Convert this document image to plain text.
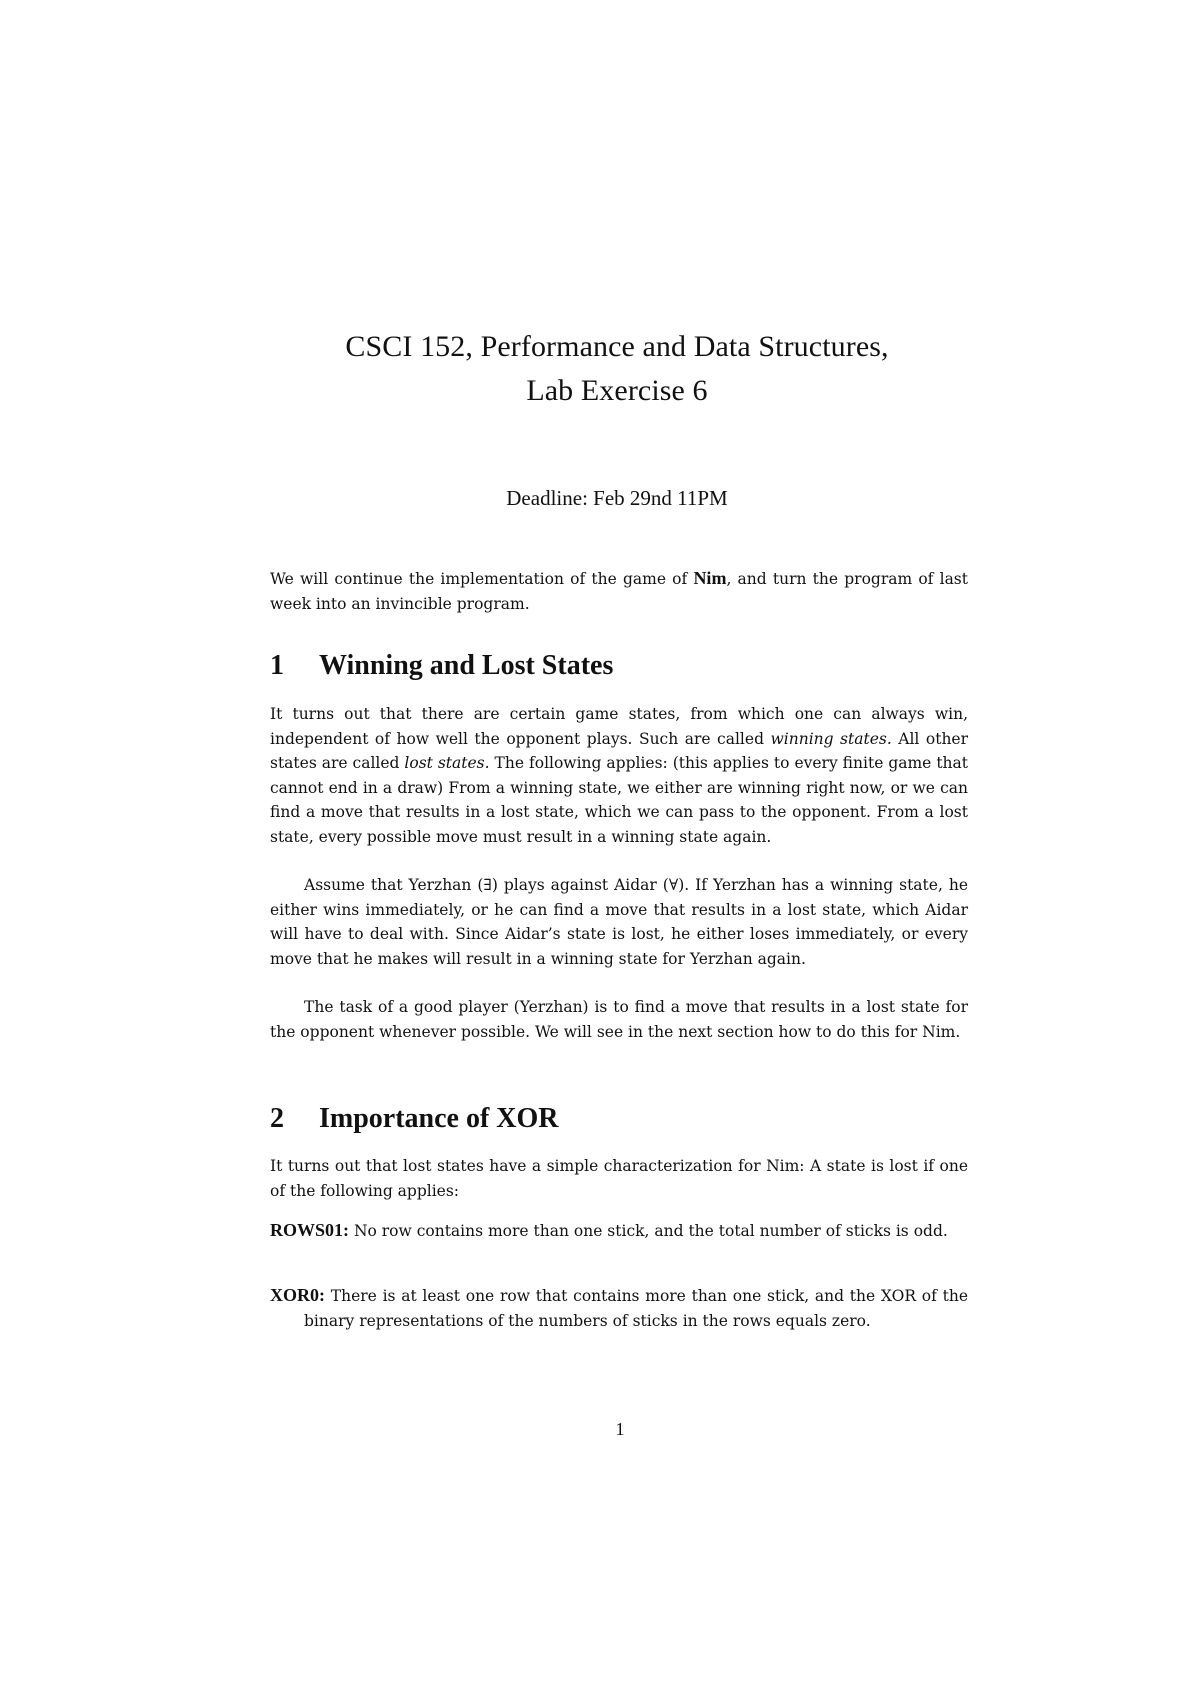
CSCI 152, Performance and Data Structures,
Lab Exercise 6
Deadline: Feb 29nd 11PM

We will continue the implementation of the game of Nim, and turn the program of last week into an invincible program.

1 Winning and Lost States

It turns out that there are certain game states, from which one can always win, independent of how well the opponent plays. Such are called winning states. All other states are called lost states. The following applies: (this applies to every finite game that cannot end in a draw) From a winning state, we either are winning right now, or we can find a move that results in a lost state, which we can pass to the opponent. From a lost state, every possible move must result in a winning state again.

Assume that Yerzhan (∃) plays against Aidar (∀). If Yerzhan has a winning state, he either wins immediately, or he can find a move that results in a lost state, which Aidar will have to deal with. Since Aidar’s state is lost, he either loses immediately, or every move that he makes will result in a winning state for Yerzhan again.

The task of a good player (Yerzhan) is to find a move that results in a lost state for the opponent whenever possible. We will see in the next section how to do this for Nim.

2 Importance of XOR

It turns out that lost states have a simple characterization for Nim: A state is lost if one of the following applies:

ROWS01: No row contains more than one stick, and the total number of sticks is odd.

XOR0: There is at least one row that contains more than one stick, and the XOR of the binary representations of the numbers of sticks in the rows equals zero.

1
